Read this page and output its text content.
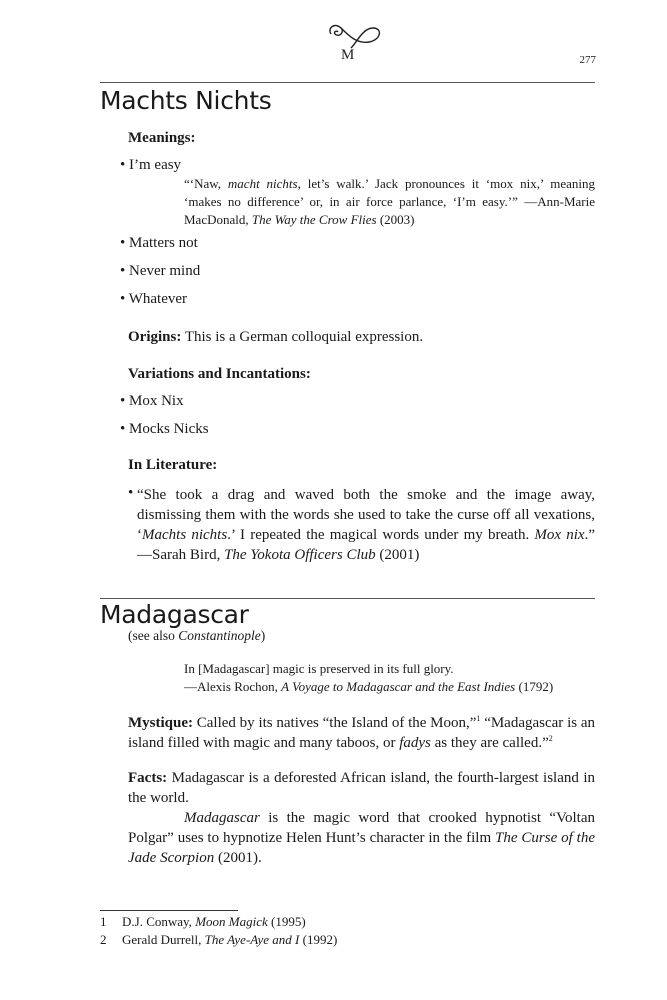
M	277
Machts Nichts
Meanings:
• I’m easy
“‘Naw, macht nichts, let’s walk.’ Jack pronounces it ‘mox nix,’ meaning ‘makes no difference’ or, in air force parlance, ‘I’m easy.’” —Ann-Marie MacDonald, The Way the Crow Flies (2003)
• Matters not
• Never mind
• Whatever
Origins: This is a German colloquial expression.
Variations and Incantations:
• Mox Nix
• Mocks Nicks
In Literature:
• “She took a drag and waved both the smoke and the image away, dismissing them with the words she used to take the curse off all vexations, ‘Machts nichts.’ I repeated the magical words under my breath. Mox nix.” —Sarah Bird, The Yokota Officers Club (2001)
Madagascar
(see also Constantinople)
In [Madagascar] magic is preserved in its full glory.
—Alexis Rochon, A Voyage to Madagascar and the East Indies (1792)
Mystique: Called by its natives “the Island of the Moon,”$^1$ “Madagascar is an island filled with magic and many taboos, or fadys as they are called.”$^2$
Facts: Madagascar is a deforested African island, the fourth-largest island in the world.
Madagascar is the magic word that crooked hypnotist “Voltan Polgar” uses to hypnotize Helen Hunt’s character in the film The Curse of the Jade Scorpion (2001).
1 D.J. Conway, Moon Magick (1995)
2 Gerald Durrell, The Aye-Aye and I (1992)
